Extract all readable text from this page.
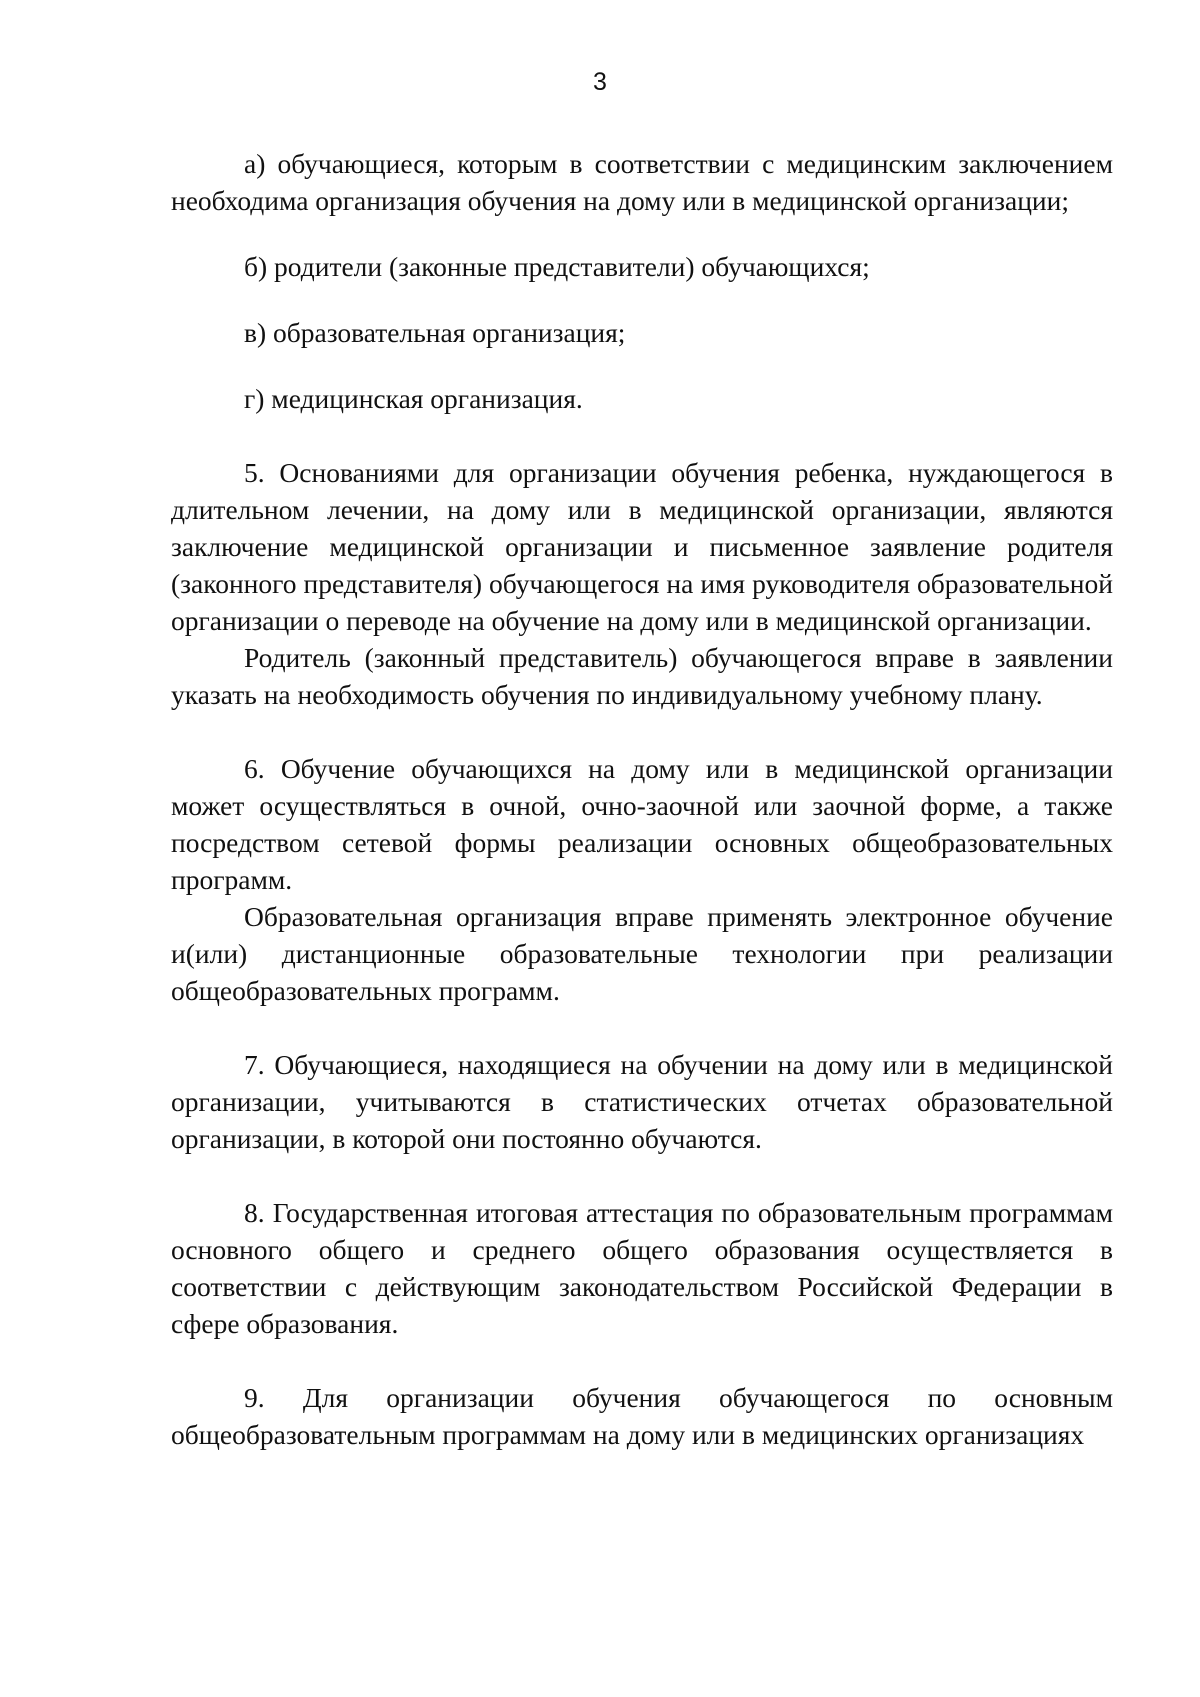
3

а) обучающиеся, которым в соответствии с медицинским заключением необходима организация обучения на дому или в медицинской организации;

б) родители (законные представители) обучающихся;

в) образовательная организация;

г) медицинская организация.

5. Основаниями для организации обучения ребенка, нуждающегося в длительном лечении, на дому или в медицинской организации, являются заключение медицинской организации и письменное заявление родителя (законного представителя) обучающегося на имя руководителя образовательной организации о переводе на обучение на дому или в медицинской организации.

Родитель (законный представитель) обучающегося вправе в заявлении указать на необходимость обучения по индивидуальному учебному плану.

6. Обучение обучающихся на дому или в медицинской организации может осуществляться в очной, очно-заочной или заочной форме, а также посредством сетевой формы реализации основных общеобразовательных программ.

Образовательная организация вправе применять электронное обучение и(или) дистанционные образовательные технологии при реализации общеобразовательных программ.

7. Обучающиеся, находящиеся на обучении на дому или в медицинской организации, учитываются в статистических отчетах образовательной организации, в которой они постоянно обучаются.

8. Государственная итоговая аттестация по образовательным программам основного общего и среднего общего образования осуществляется в соответствии с действующим законодательством Российской Федерации в сфере образования.

9. Для организации обучения обучающегося по основным общеобразовательным программам на дому или в медицинских организациях
